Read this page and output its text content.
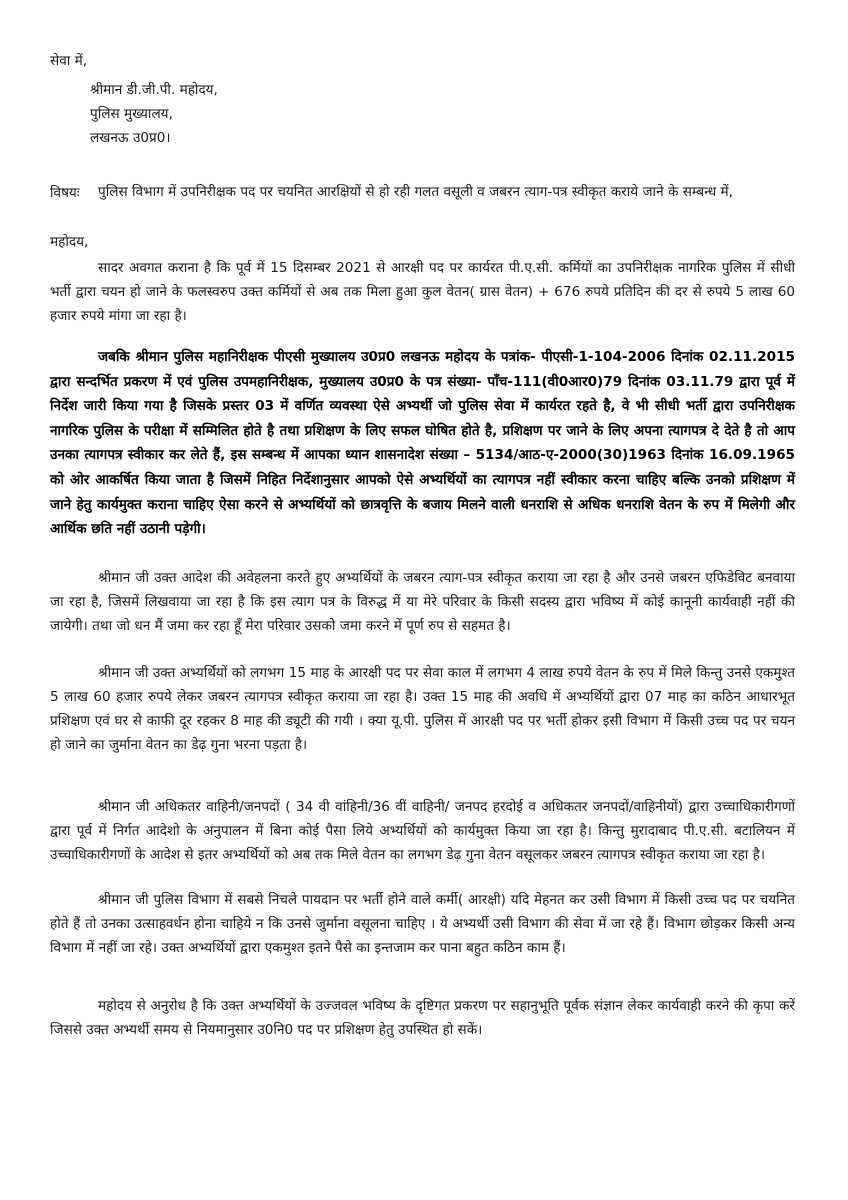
सेवा में,
श्रीमान डी.जी.पी. महोदय,
पुलिस मुख्यालय,
लखनऊ उ0प्र0।
विषयः पुलिस विभाग में उपनिरीक्षक पद पर चयनित आरक्षियों से हो रही गलत वसूली व जबरन त्याग-पत्र स्वीकृत कराये जाने के सम्बन्ध में,
महोदय,
सादर अवगत कराना है कि पूर्व में 15 दिसम्बर 2021 से आरक्षी पद पर कार्यरत पी.ए.सी. कर्मियों का उपनिरीक्षक नागरिक पुलिस में सीधी भर्ती द्वारा चयन हो जाने के फलस्वरुप उक्त कर्मियों से अब तक मिला हुआ कुल वेतन( ग्रास वेतन) + 676 रुपये प्रतिदिन की दर से रुपये 5 लाख 60 हजार रुपये मांगा जा रहा है।
जबकि श्रीमान पुलिस महानिरीक्षक पीएसी मुख्यालय उ0प्र0 लखनऊ महोदय के पत्रांक- पीएसी-1-104-2006 दिनांक 02.11.2015 द्वारा सन्दर्भित प्रकरण में एवं पुलिस उपमहानिरीक्षक, मुख्यालय उ0प्र0 के पत्र संख्या- पाँच-111(वी0आर0)79 दिनांक 03.11.79 द्वारा पूर्व में निर्देश जारी किया गया है जिसके प्रस्तर 03 में वर्णित व्यवस्था ऐसे अभ्यर्थी जो पुलिस सेवा में कार्यरत रहते है, वे भी सीधी भर्ती द्वारा उपनिरीक्षक नागरिक पुलिस के परीक्षा में सम्मिलित होते है तथा प्रशिक्षण के लिए सफल घोषित होते है, प्रशिक्षण पर जाने के लिए अपना त्यागपत्र दे देते है तो आप उनका त्यागपत्र स्वीकार कर लेते हैं, इस सम्बन्ध में आपका ध्यान शासनादेश संख्या – 5134/आठ-ए-2000(30)1963 दिनांक 16.09.1965 को ओर आकर्षित किया जाता है जिसमें निहित निर्देशानुसार आपको ऐसे अभ्यर्थियों का त्यागपत्र नहीं स्वीकार करना चाहिए बल्कि उनको प्रशिक्षण में जाने हेतु कार्यमुक्त कराना चाहिए ऐसा करने से अभ्यर्थियों को छात्रवृत्ति के बजाय मिलने वाली धनराशि से अधिक धनराशि वेतन के रुप में मिलेगी और आर्थिक छति नहीं उठानी पड़ेगी।
श्रीमान जी उक्त आदेश की अवेहलना करते हुए अभ्यर्थियों के जबरन त्याग-पत्र स्वीकृत कराया जा रहा है और उनसे जबरन एफिडेविट बनवाया जा रहा है, जिसमें लिखवाया जा रहा है कि इस त्याग पत्र के विरुद्ध में या मेरे परिवार के किसी सदस्य द्वारा भविष्य में कोई कानूनी कार्यवाही नहीं की जायेगी। तथा जो धन मैं जमा कर रहा हूँ मेरा परिवार उसको जमा करने में पूर्ण रुप से सहमत है।
श्रीमान जी उक्त अभ्यर्थियों को लगभग 15 माह के आरक्षी पद पर सेवा काल में लगभग 4 लाख रुपये वेतन के रुप में मिले किन्तु उनसे एकमुश्त 5 लाख 60 हजार रुपये लेकर जबरन त्यागपत्र स्वीकृत कराया जा रहा है। उक्त 15 माह की अवधि में अभ्यर्थियों द्वारा 07 माह का कठिन आधारभूत प्रशिक्षण एवं घर से काफी दूर रहकर 8 माह की ड्यूटी की गयी । क्या यू.पी. पुलिस में आरक्षी पद पर भर्ती होकर इसी विभाग में किसी उच्च पद पर चयन हो जाने का जुर्माना वेतन का डेढ़ गुना भरना पड़ता है।
श्रीमान जी अधिकतर वाहिनी/जनपदों ( 34 वी वांहिनी/36 वीं वाहिनी/ जनपद हरदोई व अधिकतर जनपदों/वाहिनीयों) द्वारा उच्चाधिकारीगणों द्वारा पूर्व में निर्गत आदेशो के अनुपालन में बिना कोई पैसा लिये अभ्यर्थियों को कार्यमुक्त किया जा रहा है। किन्तु मुरादाबाद पी.ए.सी. बटालियन में उच्चाधिकारीगणों के आदेश से इतर अभ्यर्थियों को अब तक मिले वेतन का लगभग डेढ़ गुना वेतन वसूलकर जबरन त्यागपत्र स्वीकृत कराया जा रहा है।
श्रीमान जी पुलिस विभाग में सबसे निचले पायदान पर भर्ती होने वाले कर्मी( आरक्षी) यदि मेहनत कर उसी विभाग में किसी उच्च पद पर चयनित होते हैं तो उनका उत्साहवर्धन होना चाहिये न कि उनसे जुर्माना वसूलना चाहिए । ये अभ्यर्थी उसी विभाग की सेवा में जा रहे हैं। विभाग छोड़कर किसी अन्य विभाग में नहीं जा रहे। उक्त अभ्यर्थियों द्वारा एकमुश्त इतने पैसे का इन्तजाम कर पाना बहुत कठिन काम हैं।
महोदय से अनुरोध है कि उक्त अभ्यर्थियों के उज्जवल भविष्य के दृष्टिगत प्रकरण पर सहानुभूति पूर्वक संज्ञान लेकर कार्यवाही करने की कृपा करें जिससे उक्त अभ्यर्थी समय से नियमानुसार उ0नि0 पद पर प्रशिक्षण हेतु उपस्थित हो सकें।
